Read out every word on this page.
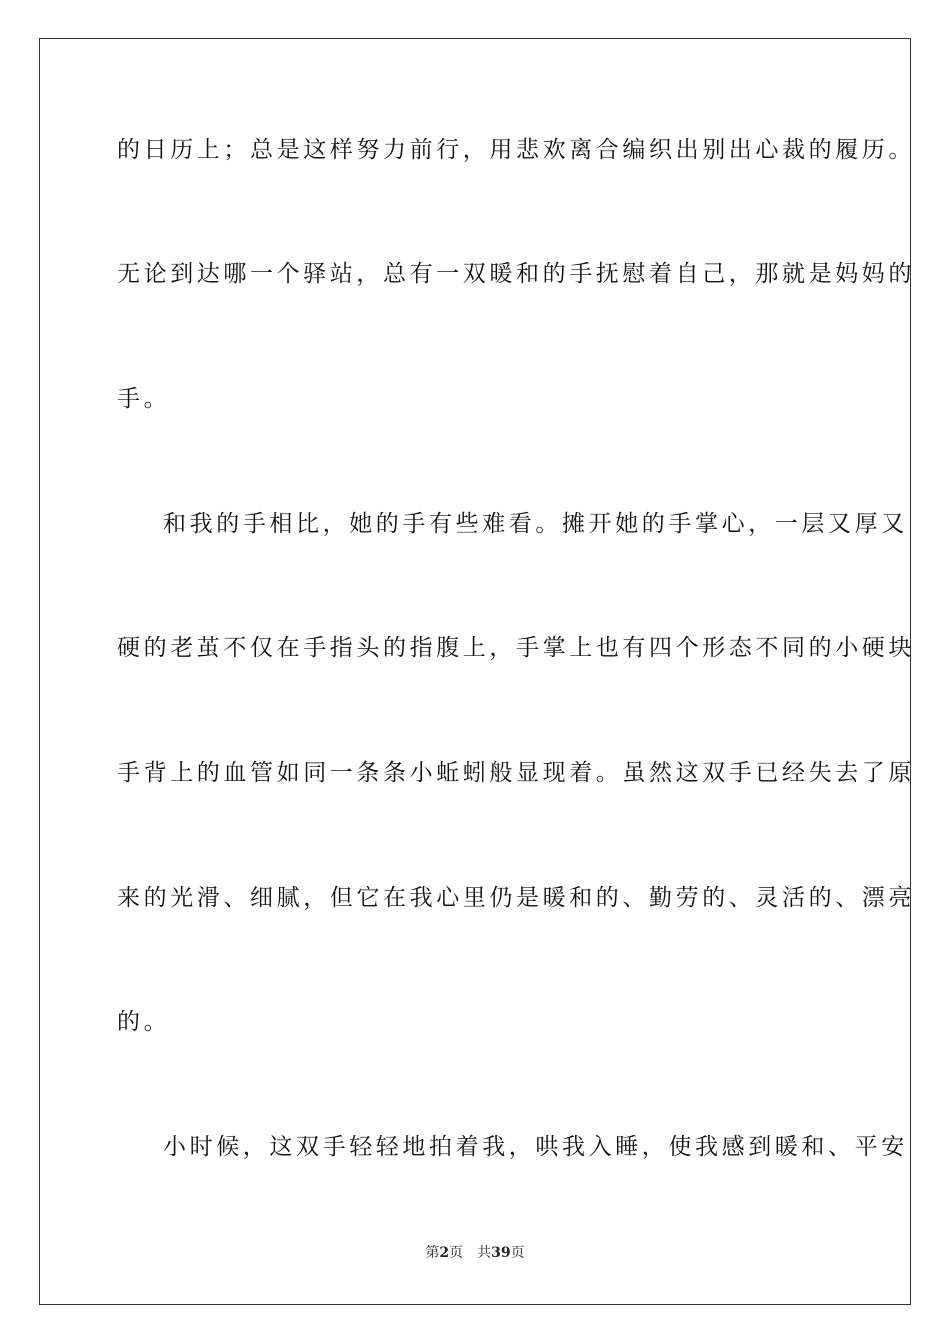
的日历上；总是这样努力前行，用悲欢离合编织出别出心裁的履历。
无论到达哪一个驿站，总有一双暖和的手抚慰着自己，那就是妈妈的
手。
和我的手相比，她的手有些难看。摊开她的手掌心，一层又厚又
硬的老茧不仅在手指头的指腹上，手掌上也有四个形态不同的小硬块
手背上的血管如同一条条小蚯蚓般显现着。虽然这双手已经失去了原
来的光滑、细腻，但它在我心里仍是暖和的、勤劳的、灵活的、漂亮
的。
小时候，这双手轻轻地拍着我，哄我入睡，使我感到暖和、平安
第2页 共39页
